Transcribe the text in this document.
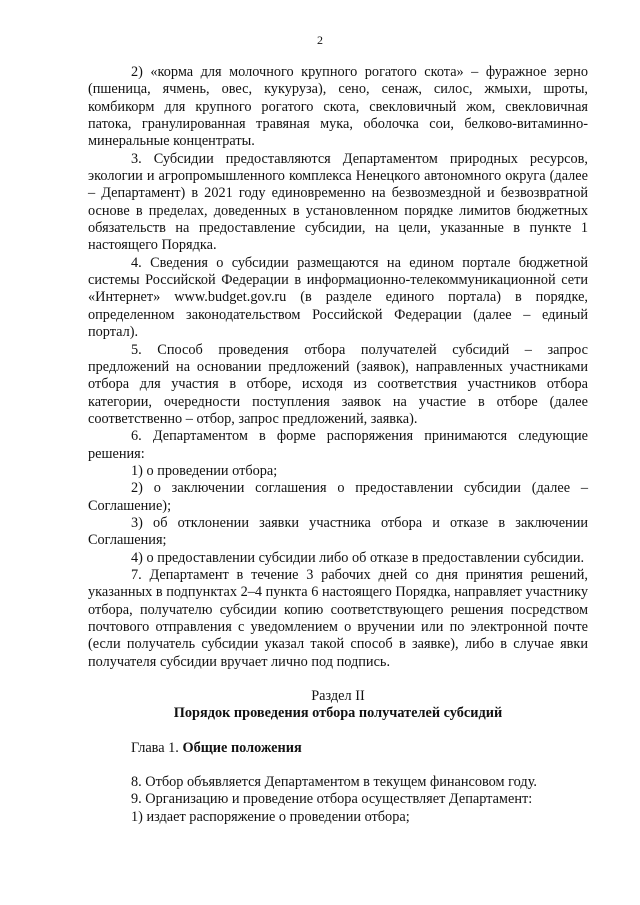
2

2) «корма для молочного крупного рогатого скота» – фуражное зерно (пшеница, ячмень, овес, кукуруза), сено, сенаж, силос, жмыхи, шроты, комбикорм для крупного рогатого скота, свекловичный жом, свекловичная патока, гранулированная травяная мука, оболочка сои, белково-витаминно-минеральные концентраты.

3. Субсидии предоставляются Департаментом природных ресурсов, экологии и агропромышленного комплекса Ненецкого автономного округа (далее – Департамент) в 2021 году единовременно на безвозмездной и безвозвратной основе в пределах, доведенных в установленном порядке лимитов бюджетных обязательств на предоставление субсидии, на цели, указанные в пункте 1 настоящего Порядка.

4. Сведения о субсидии размещаются на едином портале бюджетной системы Российской Федерации в информационно-телекоммуникационной сети «Интернет» www.budget.gov.ru (в разделе единого портала) в порядке, определенном законодательством Российской Федерации (далее – единый портал).

5. Способ проведения отбора получателей субсидий – запрос предложений на основании предложений (заявок), направленных участниками отбора для участия в отборе, исходя из соответствия участников отбора категории, очередности поступления заявок на участие в отборе (далее соответственно – отбор, запрос предложений, заявка).

6. Департаментом в форме распоряжения принимаются следующие решения:

1) о проведении отбора;

2) о заключении соглашения о предоставлении субсидии (далее – Соглашение);

3) об отклонении заявки участника отбора и отказе в заключении Соглашения;

4) о предоставлении субсидии либо об отказе в предоставлении субсидии.

7. Департамент в течение 3 рабочих дней со дня принятия решений, указанных в подпунктах 2–4 пункта 6 настоящего Порядка, направляет участнику отбора, получателю субсидии копию соответствующего решения посредством почтового отправления с уведомлением о вручении или по электронной почте (если получатель субсидии указал такой способ в заявке), либо в случае явки получателя субсидии вручает лично под подпись.

Раздел II

Порядок проведения отбора получателей субсидий

Глава 1. Общие положения

8. Отбор объявляется Департаментом в текущем финансовом году.

9. Организацию и проведение отбора осуществляет Департамент:

1) издает распоряжение о проведении отбора;
